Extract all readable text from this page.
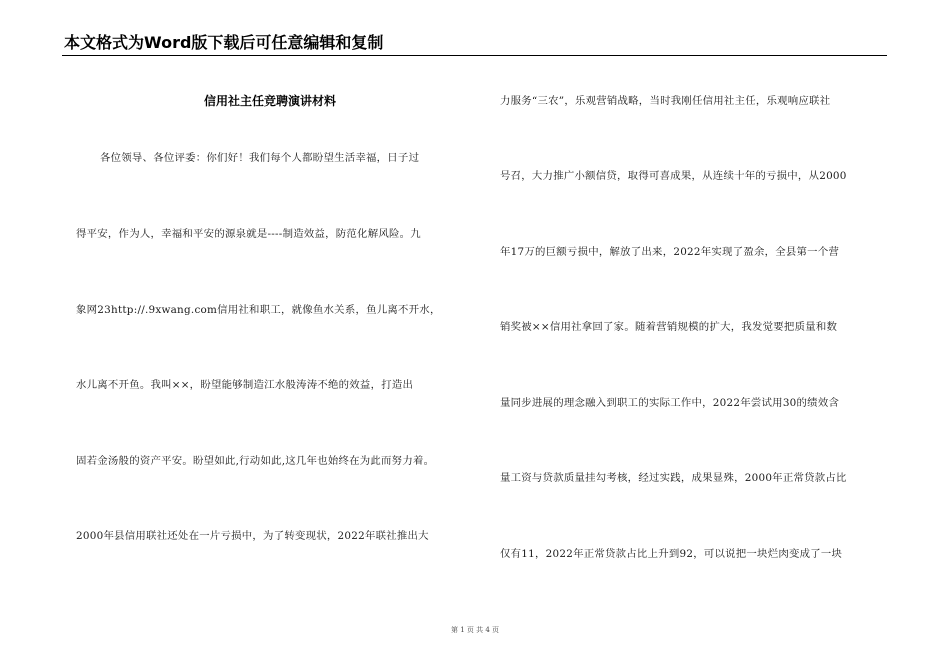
本文格式为Word版下载后可任意编辑和复制
信用社主任竞聘演讲材料
各位领导、各位评委：你们好！我们每个人都盼望生活幸福，日子过
得平安，作为人，幸福和平安的源泉就是----制造效益，防范化解风险。九
象网23http://.9xwang.com信用社和职工，就像鱼水关系，鱼儿离不开水，
水儿离不开鱼。我叫××，盼望能够制造江水般涛涛不绝的效益，打造出
固若金汤般的资产平安。盼望如此,行动如此,这几年也始终在为此而努力着。
2000年县信用联社还处在一片亏损中，为了转变现状，2022年联社推出大
力服务“三农”，乐观营销战略，当时我刚任信用社主任，乐观响应联社
号召，大力推广小额信贷，取得可喜成果，从连续十年的亏损中，从2000
年17万的巨额亏损中，解放了出来，2022年实现了盈余，全县第一个营
销奖被××信用社拿回了家。随着营销规模的扩大，我发觉要把质量和数
量同步进展的理念融入到职工的实际工作中，2022年尝试用30的绩效含
量工资与贷款质量挂勾考核，经过实践，成果显殊，2000年正常贷款占比
仅有11，2022年正常贷款占比上升到92，可以说把一块烂肉变成了一块
第 1 页 共 4 页
